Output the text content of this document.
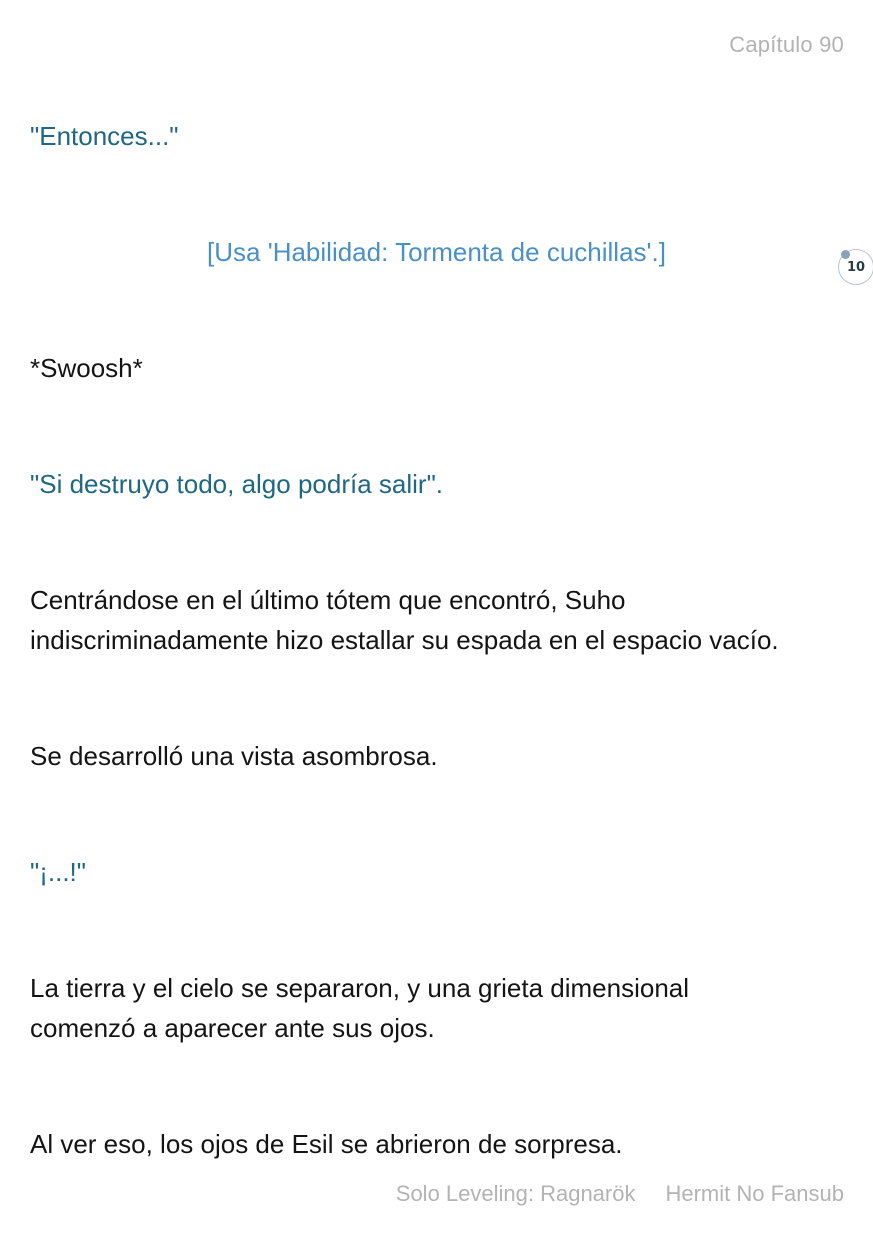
Capítulo 90
"Entonces..."
[Usa 'Habilidad: Tormenta de cuchillas'.]
10
*Swoosh*
"Si destruyo todo, algo podría salir".
Centrándose en el último tótem que encontró, Suho
indiscriminadamente hizo estallar su espada en el espacio vacío.
Se desarrolló una vista asombrosa.
"¡...!"
La tierra y el cielo se separaron, y una grieta dimensional
comenzó a aparecer ante sus ojos.
Al ver eso, los ojos de Esil se abrieron de sorpresa.
Solo Leveling: Ragnarök Hermit No Fansub
